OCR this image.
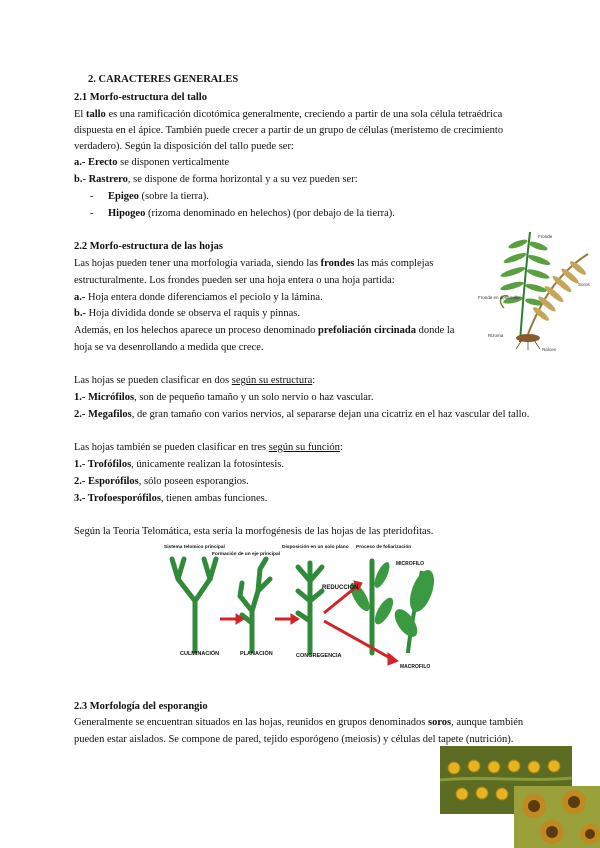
2. CARACTERES GENERALES
2.1 Morfo-estructura del tallo
El tallo es una ramificación dicotómica generalmente, creciendo a partir de una sola célula tetraédrica
dispuesta en el ápice. También puede crecer a partir de un grupo de células (meristemo de crecimiento
verdadero). Según la disposición del tallo puede ser:
a.- Erecto se disponen verticalmente
b.- Rastrero, se dispone de forma horizontal y a su vez pueden ser:
- Epigeo (sobre la tierra).
- Hipogeo (rizoma denominado en helechos) (por debajo de la tierra).
2.2 Morfo-estructura de las hojas
Las hojas pueden tener una morfología variada, siendo las frondes las más complejas
estructuralmente. Los frondes pueden ser una hoja entera o una hoja partida:
a.- Hoja entera donde diferenciamos el peciolo y la lámina.
b.- Hoja dividida donde se observa el raquis y pinnas.
Además, en los helechos aparece un proceso denominado prefoliación circinada donde la
hoja se va desenrollando a medida que crece.
Fronde
Soros
Fronde en desarrollo
Rizoma
Raíces
Las hojas se pueden clasificar en dos según su estructura:
1.- Micrófilos, son de pequeño tamaño y un solo nervio o haz vascular.
2.- Megafilos, de gran tamaño con varios nervios, al separarse dejan una cicatriz en el haz vascular del tallo.
Las hojas también se pueden clasificar en tres según su función:
1.- Trofófilos, únicamente realizan la fotosíntesis.
2.- Esporófilos, sólo poseen esporangios.
3.- Trofoesporófilos, tienen ambas funciones.
Según la Teoría Telomática, esta sería la morfogénesis de las hojas de las pteridofitas.
Sistema telomico principal
Formación de un eje principal
Disposición en un solo plano Proceso de foliarización
REDUCCIÓN
MICROFILO
CULMINACIÓN	PLANACIÓN	CONGREGENCIA
MACROFILO
2.3 Morfología del esporangio
Generalmente se encuentran situados en las hojas, reunidos en grupos denominados soros, aunque también
pueden estar aislados. Se compone de pared, tejido esporógeno (meiosis) y células del tapete (nutrición).
